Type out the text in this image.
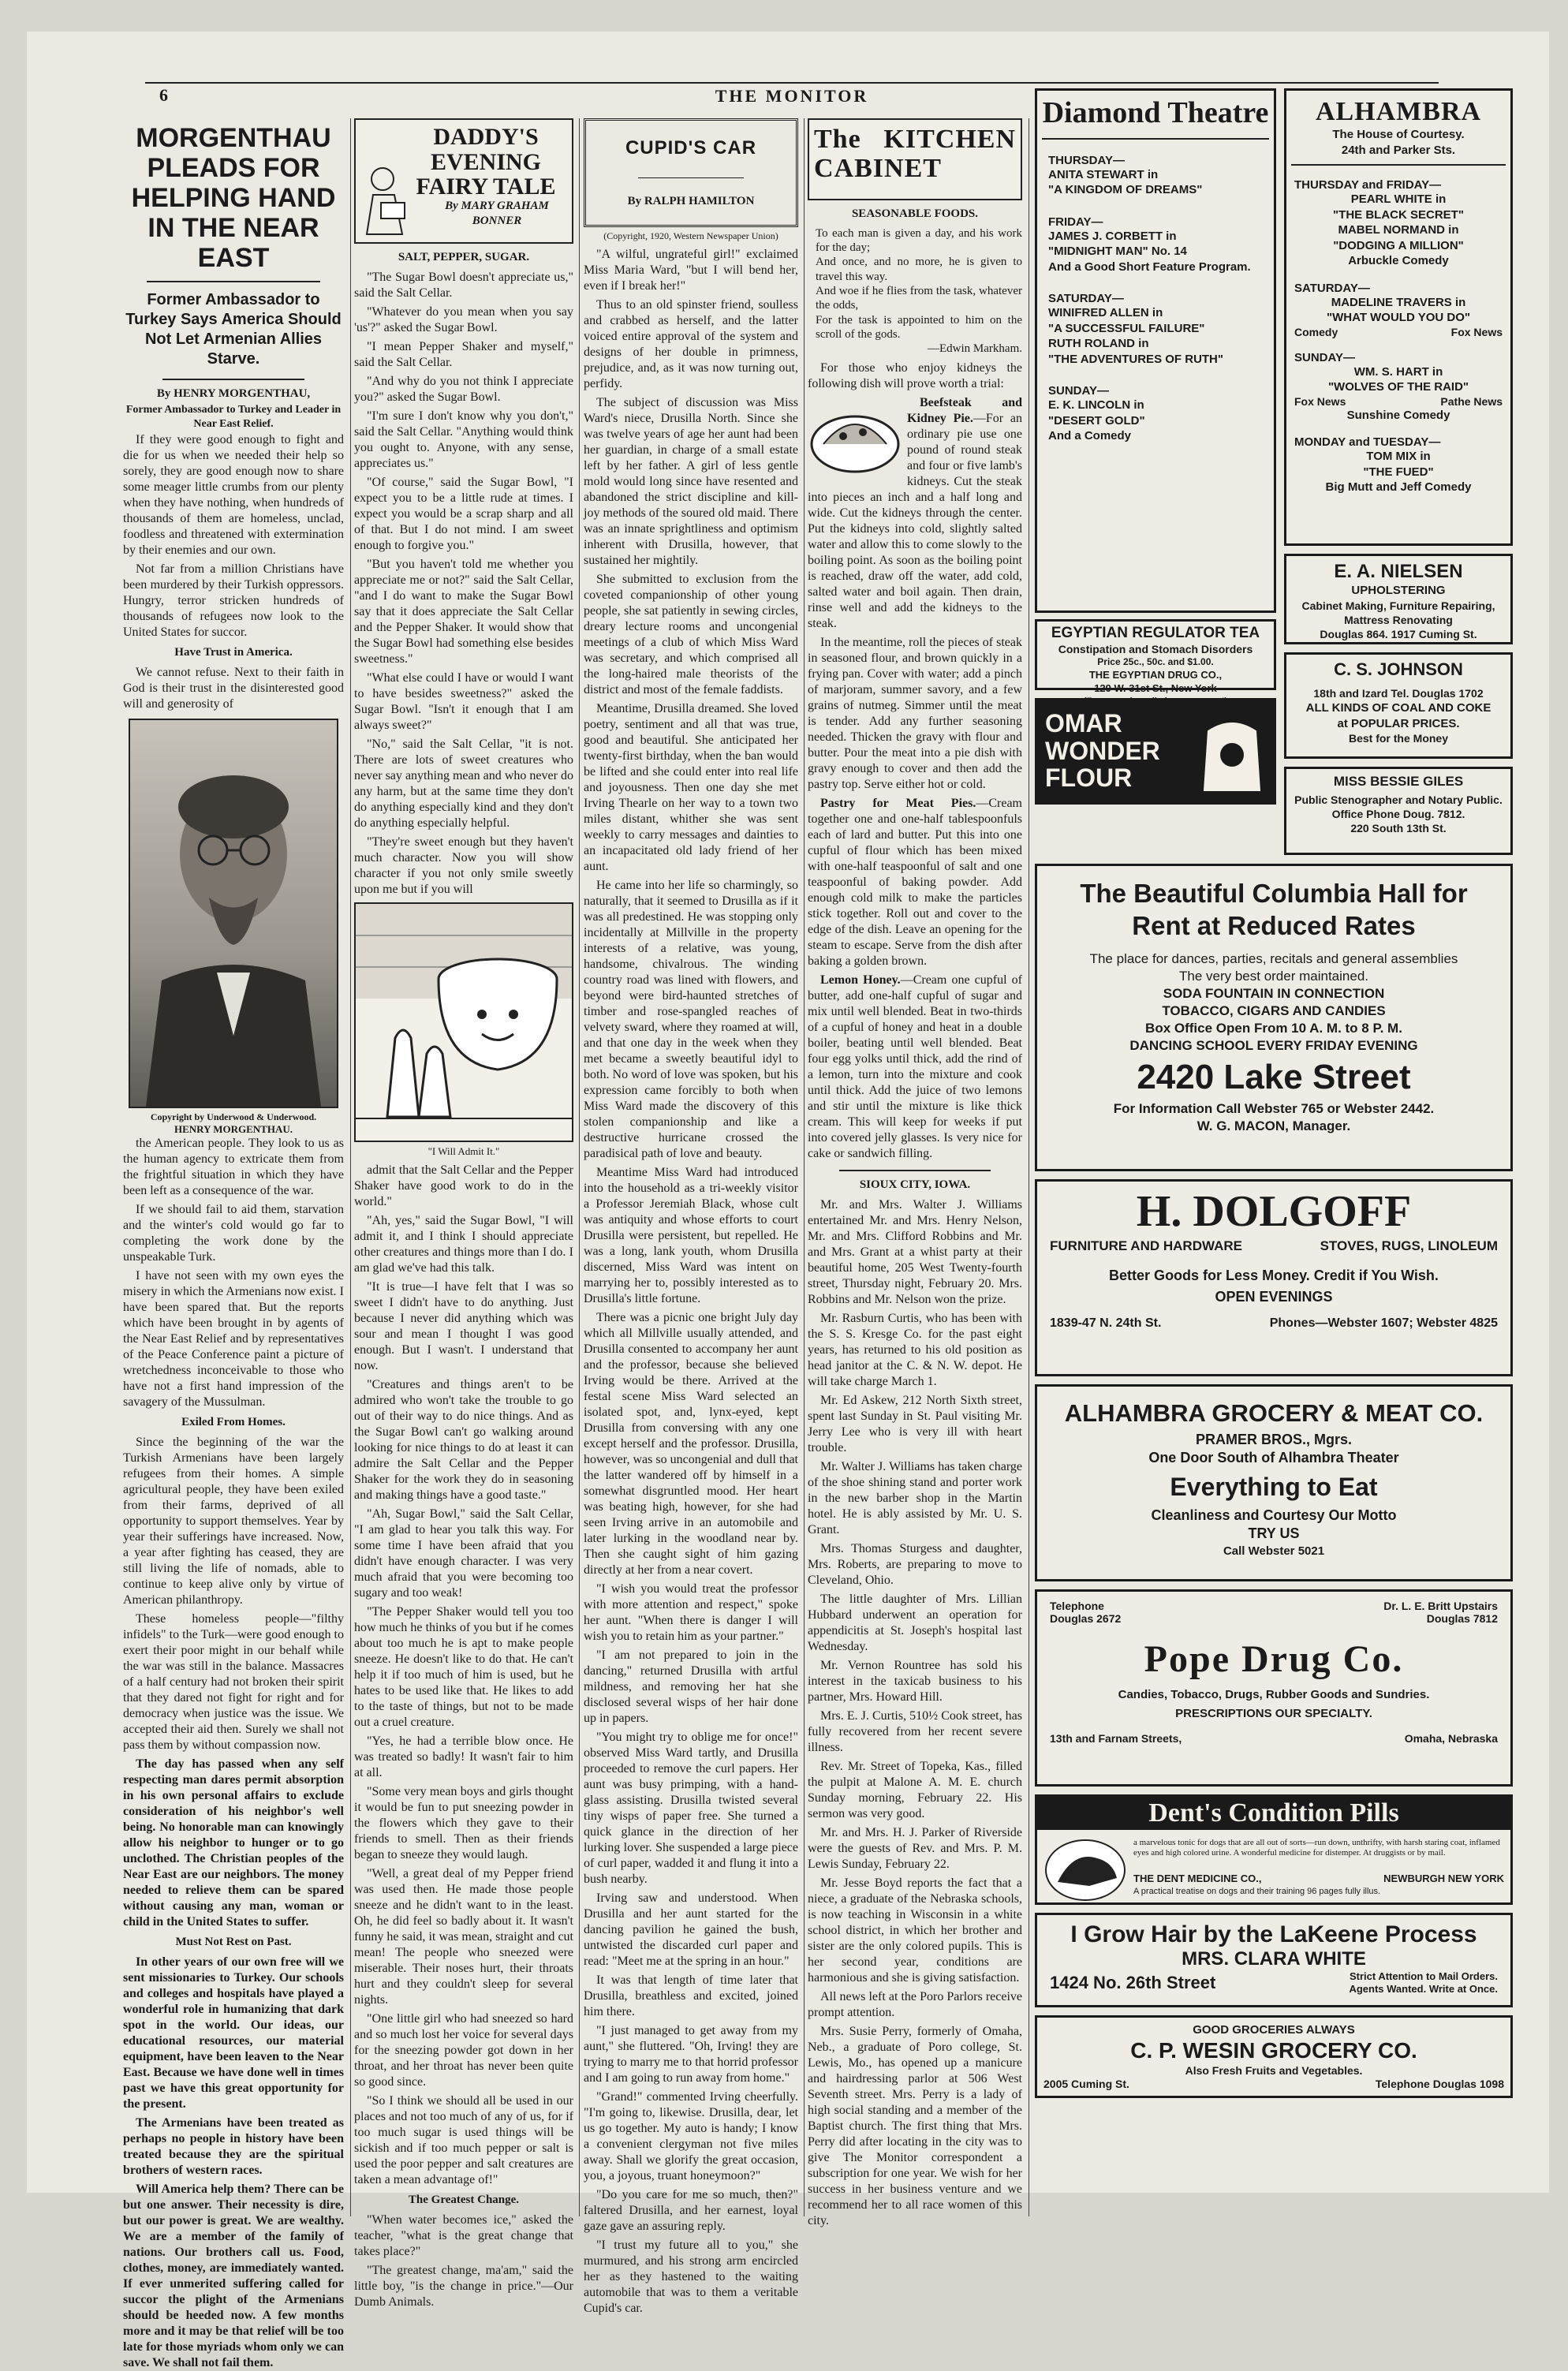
6	THE MONITOR
MORGENTHAU PLEADS FOR HELPING HAND IN THE NEAR EAST
Former Ambassador to Turkey Says America Should Not Let Armenian Allies Starve.
By HENRY MORGENTHAU,
Former Ambassador to Turkey and Leader in Near East Relief.

If they were good enough to fight and die for us when we needed their help so sorely, they are good enough now to share some meager little crumbs from our plenty when they have nothing, when hundreds of thousands of them are homeless, unclad, foodless and threatened with extermination by their enemies and our own.

Not far from a million Christians have been murdered by their Turkish oppressors. Hungry, terror stricken hundreds of thousands of refugees now look to the United States for succor.

Have Trust in America.

We cannot refuse. Next to their faith in God is their trust in the disinterested good will and generosity of

Copyright by Underwood & Underwood.
HENRY MORGENTHAU.

the American people. They look to us as the human agency to extricate them from the frightful situation in which they have been left as a consequence of the war.

If we should fail to aid them, starvation and the winter's cold would go far to completing the work done by the unspeakable Turk.

I have not seen with my own eyes the misery in which the Armenians now exist. I have been spared that. But the reports which have been brought in by agents of the Near East Relief and by representatives of the Peace Conference paint a picture of wretchedness inconceivable to those who have not a first hand impression of the savagery of the Mussulman.

Exiled From Homes.

Since the beginning of the war the Turkish Armenians have been largely refugees from their homes. A simple agricultural people, they have been exiled from their farms, deprived of all opportunity to support themselves. Year by year their sufferings have increased. Now, a year after fighting has ceased, they are still living the life of nomads, able to continue to keep alive only by virtue of American philanthropy.

These homeless people—"filthy infidels" to the Turk—were good enough to exert their poor might in our behalf while the war was still in the balance. Massacres of a half century had not broken their spirit that they dared not fight for right and for democracy when justice was the issue. We accepted their aid then. Surely we shall not pass them by without compassion now.

The day has passed when any self respecting man dares permit absorption in his own personal affairs to exclude consideration of his neighbor's well being. No honorable man can knowingly allow his neighbor to hunger or to go unclothed. The Christian peoples of the Near East are our neighbors. The money needed to relieve them can be spared without causing any man, woman or child in the United States to suffer.

Must Not Rest on Past.

In other years of our own free will we sent missionaries to Turkey. Our schools and colleges and hospitals have played a wonderful role in humanizing that dark spot in the world. Our ideas, our educational resources, our material equipment, have been leaven to the Near East. Because we have done well in times past we have this great opportunity for the present.

The Armenians have been treated as perhaps no people in history have been treated because they are the spiritual brothers of western races.

Will America help them? There can be but one answer. Their necessity is dire, but our power is great. We are wealthy. We are a member of the family of nations. Our brothers call us. Food, clothes, money, are immediately wanted. If ever unmerited suffering called for succor the plight of the Armenians should be heeded now. A few months more and it may be that relief will be too late for those myriads whom only we can save. We shall not fail them.

DADDY'S EVENING FAIRY TALE
By MARY GRAHAM BONNER
SALT, PEPPER, SUGAR.

"The Sugar Bowl doesn't appreciate us," said the Salt Cellar.

"Whatever do you mean when you say 'us'?" asked the Sugar Bowl.

"I mean Pepper Shaker and myself," said the Salt Cellar.

"And why do you not think I appreciate you?" asked the Sugar Bowl.

"I'm sure I don't know why you don't," said the Salt Cellar. "Anything would think you ought to. Anyone, with any sense, appreciates us."

"Of course," said the Sugar Bowl, "I expect you to be a little rude at times. I expect you would be a scrap sharp and all of that. But I do not mind. I am sweet enough to forgive you."

"But you haven't told me whether you appreciate me or not?" said the Salt Cellar, "and I do want to make the Sugar Bowl say that it does appreciate the Salt Cellar and the Pepper Shaker. It would show that the Sugar Bowl had something else besides sweetness."

"What else could I have or would I want to have besides sweetness?" asked the Sugar Bowl. "Isn't it enough that I am always sweet?"

"No," said the Salt Cellar, "it is not. There are lots of sweet creatures who never say anything mean and who never do any harm, but at the same time they don't do anything especially kind and they don't do anything especially helpful.

"They're sweet enough but they haven't much character. Now you will show character if you not only smile sweetly upon me but if you will

"I Will Admit It."

admit that the Salt Cellar and the Pepper Shaker have good work to do in the world."

"Ah, yes," said the Sugar Bowl, "I will admit it, and I think I should appreciate other creatures and things more than I do. I am glad we've had this talk.

"It is true—I have felt that I was so sweet I didn't have to do anything. Just because I never did anything which was sour and mean I thought I was good enough. But I wasn't. I understand that now.

"Creatures and things aren't to be admired who won't take the trouble to go out of their way to do nice things. And as the Sugar Bowl can't go walking around looking for nice things to do at least it can admire the Salt Cellar and the Pepper Shaker for the work they do in seasoning and making things have a good taste."

"Ah, Sugar Bowl," said the Salt Cellar, "I am glad to hear you talk this way. For some time I have been afraid that you didn't have enough character. I was very much afraid that you were becoming too sugary and too weak!

"The Pepper Shaker would tell you too how much he thinks of you but if he comes about too much he is apt to make people sneeze. He doesn't like to do that. He can't help it if too much of him is used, but he hates to be used like that. He likes to add to the taste of things, but not to be made out a cruel creature.

"Yes, he had a terrible blow once. He was treated so badly! It wasn't fair to him at all.

"Some very mean boys and girls thought it would be fun to put sneezing powder in the flowers which they gave to their friends to smell. Then as their friends began to sneeze they would laugh.

"Well, a great deal of my Pepper friend was used then. He made those people sneeze and he didn't want to in the least. Oh, he did feel so badly about it. It wasn't funny he said, it was mean, straight and cut mean! The people who sneezed were miserable. Their noses hurt, their throats hurt and they couldn't sleep for several nights.

"One little girl who had sneezed so hard and so much lost her voice for several days for the sneezing powder got down in her throat, and her throat has never been quite so good since.

"So I think we should all be used in our places and not too much of any of us, for if too much sugar is used things will be sickish and if too much pepper or salt is used the poor pepper and salt creatures are taken a mean advantage of!"

The Greatest Change.

"When water becomes ice," asked the teacher, "what is the great change that takes place?"

"The greatest change, ma'am," said the little boy, "is the change in price."—Our Dumb Animals.

CUPID'S CAR
By RALPH HAMILTON
(Copyright, 1920, Western Newspaper Union)

"A wilful, ungrateful girl!" exclaimed Miss Maria Ward, "but I will bend her, even if I break her!"

Thus to an old spinster friend, soulless and crabbed as herself, and the latter voiced entire approval of the system and designs of her double in primness, prejudice, and, as it was now turning out, perfidy.

The subject of discussion was Miss Ward's niece, Drusilla North. Since she was twelve years of age her aunt had been her guardian, in charge of a small estate left by her father. A girl of less gentle mold would long since have resented and abandoned the strict discipline and kill-joy methods of the soured old maid. There was an innate sprightliness and optimism inherent with Drusilla, however, that sustained her mightily.

She submitted to exclusion from the coveted companionship of other young people, she sat patiently in sewing circles, dreary lecture rooms and uncongenial meetings of a club of which Miss Ward was secretary, and which comprised all the long-haired male theorists of the district and most of the female faddists.

Meantime, Drusilla dreamed. She loved poetry, sentiment and all that was true, good and beautiful. She anticipated her twenty-first birthday, when the ban would be lifted and she could enter into real life and joyousness. Then one day she met Irving Thearle on her way to a town two miles distant, whither she was sent weekly to carry messages and dainties to an incapacitated old lady friend of her aunt.

He came into her life so charmingly, so naturally, that it seemed to Drusilla as if it was all predestined. He was stopping only incidentally at Millville in the property interests of a relative, was young, handsome, chivalrous. The winding country road was lined with flowers, and beyond were bird-haunted stretches of timber and rose-spangled reaches of velvety sward, where they roamed at will, and that one day in the week when they met became a sweetly beautiful idyl to both. No word of love was spoken, but his expression came forcibly to both when Miss Ward made the discovery of this stolen companionship and like a destructive hurricane crossed the paradisical path of love and beauty.

Meantime Miss Ward had introduced into the household as a tri-weekly visitor a Professor Jeremiah Black, whose cult was antiquity and whose efforts to court Drusilla were persistent, but repelled. He was a long, lank youth, whom Drusilla discerned, Miss Ward was intent on marrying her to, possibly interested as to Drusilla's little fortune.

There was a picnic one bright July day which all Millville usually attended, and Drusilla consented to accompany her aunt and the professor, because she believed Irving would be there. Arrived at the festal scene Miss Ward selected an isolated spot, and, lynx-eyed, kept Drusilla from conversing with any one except herself and the professor. Drusilla, however, was so uncongenial and dull that the latter wandered off by himself in a somewhat disgruntled mood. Her heart was beating high, however, for she had seen Irving arrive in an automobile and later lurking in the woodland near by. Then she caught sight of him gazing directly at her from a near covert.

"I wish you would treat the professor with more attention and respect," spoke her aunt. "When there is danger I will wish you to retain him as your partner."

"I am not prepared to join in the dancing," returned Drusilla with artful mildness, and removing her hat she disclosed several wisps of her hair done up in papers.

"You might try to oblige me for once!" observed Miss Ward tartly, and Drusilla proceeded to remove the curl papers. Her aunt was busy primping, with a hand-glass assisting. Drusilla twisted several tiny wisps of paper free. She turned a quick glance in the direction of her lurking lover. She suspended a large piece of curl paper, wadded it and flung it into a bush nearby.

Irving saw and understood. When Drusilla and her aunt started for the dancing pavilion he gained the bush, untwisted the discarded curl paper and read: "Meet me at the spring in an hour."

It was that length of time later that Drusilla, breathless and excited, joined him there.

"I just managed to get away from my aunt," she fluttered. "Oh, Irving! they are trying to marry me to that horrid professor and I am going to run away from home."

"Grand!" commented Irving cheerfully. "I'm going to, likewise. Drusilla, dear, let us go together. My auto is handy; I know a convenient clergyman not five miles away. Shall we glorify the great occasion, you, a joyous, truant honeymoon?"

"Do you care for me so much, then?" faltered Drusilla, and her earnest, loyal gaze gave an assuring reply.

"I trust my future all to you," she murmured, and his strong arm encircled her as they hastened to the waiting automobile that was to them a veritable Cupid's car.

The KITCHEN CABINET
SEASONABLE FOODS.
To each man is given a day, and his work for the day;
And once, and no more, he is given to travel this way.
And woe if he flies from the task, whatever the odds,
For the task is appointed to him on the scroll of the gods.
—Edwin Markham.

For those who enjoy kidneys the following dish will prove worth a trial:

Beefsteak and Kidney Pie.—For an ordinary pie use one pound of round steak and four or five lamb's kidneys. Cut the steak into pieces an inch and a half long and wide. Cut the kidneys through the center. Put the kidneys into cold, slightly salted water and allow this to come slowly to the boiling point. As soon as the boiling point is reached, draw off the water, add cold, salted water and boil again. Then drain, rinse well and add the kidneys to the steak.

In the meantime, roll the pieces of steak in seasoned flour, and brown quickly in a frying pan. Cover with water; add a pinch of marjoram, summer savory, and a few grains of nutmeg. Simmer until the meat is tender. Add any further seasoning needed. Thicken the gravy with flour and butter. Pour the meat into a pie dish with gravy enough to cover and then add the pastry top. Serve either hot or cold.

Pastry for Meat Pies.—Cream together one and one-half tablespoonfuls each of lard and butter. Put this into one cupful of flour which has been mixed with one-half teaspoonful of salt and one teaspoonful of baking powder. Add enough cold milk to make the particles stick together. Roll out and cover to the edge of the dish. Leave an opening for the steam to escape. Serve from the dish after baking a golden brown.

Lemon Honey.—Cream one cupful of butter, add one-half cupful of sugar and mix until well blended. Beat in two-thirds of a cupful of honey and heat in a double boiler, beating until well blended. Beat four egg yolks until thick, add the rind of a lemon, turn into the mixture and cook until thick. Add the juice of two lemons and stir until the mixture is like thick cream. This will keep for weeks if put into covered jelly glasses. Is very nice for cake or sandwich filling.

SIOUX CITY, IOWA.

Mr. and Mrs. Walter J. Williams entertained Mr. and Mrs. Henry Nelson, Mr. and Mrs. Clifford Robbins and Mr. and Mrs. Grant at a whist party at their beautiful home, 205 West Twenty-fourth street, Thursday night, February 20. Mrs. Robbins and Mr. Nelson won the prize.

Mr. Rasburn Curtis, who has been with the S. S. Kresge Co. for the past eight years, has returned to his old position as head janitor at the C. & N. W. depot. He will take charge March 1.

Mr. Ed Askew, 212 North Sixth street, spent last Sunday in St. Paul visiting Mr. Jerry Lee who is very ill with heart trouble.

Mr. Walter J. Williams has taken charge of the shoe shining stand and porter work in the new barber shop in the Martin hotel. He is ably assisted by Mr. U. S. Grant.

Mrs. Thomas Sturgess and daughter, Mrs. Roberts, are preparing to move to Cleveland, Ohio.

The little daughter of Mrs. Lillian Hubbard underwent an operation for appendicitis at St. Joseph's hospital last Wednesday.

Mr. Vernon Rountree has sold his interest in the taxicab business to his partner, Mrs. Howard Hill.

Mrs. E. J. Curtis, 510½ Cook street, has fully recovered from her recent severe illness.

Rev. Mr. Street of Topeka, Kas., filled the pulpit at Malone A. M. E. church Sunday morning, February 22. His sermon was very good.

Mr. and Mrs. H. J. Parker of Riverside were the guests of Rev. and Mrs. P. M. Lewis Sunday, February 22.

Mr. Jesse Boyd reports the fact that a niece, a graduate of the Nebraska schools, is now teaching in Wisconsin in a white school district, in which her brother and sister are the only colored pupils. This is her second year, conditions are harmonious and she is giving satisfaction.

All news left at the Poro Parlors receive prompt attention.

Mrs. Susie Perry, formerly of Omaha, Neb., a graduate of Poro college, St. Lewis, Mo., has opened up a manicure and hairdressing parlor at 506 West Seventh street. Mrs. Perry is a lady of high social standing and a member of the Baptist church. The first thing that Mrs. Perry did after locating in the city was to give The Monitor correspondent a subscription for one year. We wish for her success in her business venture and we recommend her to all race women of this city.

Diamond Theatre
THURSDAY—
ANITA STEWART in
"A KINGDOM OF DREAMS"
FRIDAY—
JAMES J. CORBETT in
"MIDNIGHT MAN" No. 14
And a Good Short Feature Program.
SATURDAY—
WINIFRED ALLEN in
"A SUCCESSFUL FAILURE"
RUTH ROLAND in
"THE ADVENTURES OF RUTH"
SUNDAY—
E. K. LINCOLN in
"DESERT GOLD"
And a Comedy
ALHAMBRA
The House of Courtesy.
24th and Parker Sts.
THURSDAY and FRIDAY—
PEARL WHITE in
"THE BLACK SECRET"
MABEL NORMAND in
"DODGING A MILLION"
Arbuckle Comedy
SATURDAY—
MADELINE TRAVERS in
"WHAT WOULD YOU DO"
Comedy	Fox News
SUNDAY—
WM. S. HART in
"WOLVES OF THE RAID"
Fox News	Pathe News
Sunshine Comedy
MONDAY and TUESDAY—
TOM MIX in
"THE FUED"
Big Mutt and Jeff Comedy
E. A. NIELSEN
UPHOLSTERING
Cabinet Making, Furniture Repairing, Mattress Renovating
Douglas 864. 1917 Cuming St.
EGYPTIAN REGULATOR TEA
Constipation and Stomach Disorders
Price 25c., 50c. and $1.00.
THE EGYPTIAN DRUG CO.,
129 W. 31st St., New York
C. S. JOHNSON
18th and Izard Tel. Douglas 1702
ALL KINDS OF COAL AND COKE
at POPULAR PRICES.
Best for the Money
OMAR
WONDER
FLOUR	MISS BESSIE GILES
Public Stenographer and Notary Public.
Office Phone Doug. 7812.
220 South 13th St.
The Beautiful Columbia Hall for Rent at Reduced Rates
The place for dances, parties, recitals and general assemblies
The very best order maintained.
SODA FOUNTAIN IN CONNECTION
TOBACCO, CIGARS AND CANDIES
Box Office Open From 10 A. M. to 8 P. M.
DANCING SCHOOL EVERY FRIDAY EVENING
2420 Lake Street
For Information Call Webster 765 or Webster 2442.
W. G. MACON, Manager.
H. DOLGOFF
FURNITURE AND HARDWARE	STOVES, RUGS, LINOLEUM
Better Goods for Less Money. Credit if You Wish.
OPEN EVENINGS
1839-47 N. 24th St.	Phones—Webster 1607; Webster 4825
ALHAMBRA GROCERY & MEAT CO.
PRAMER BROS., Mgrs.
One Door South of Alhambra Theater
Everything to Eat
Cleanliness and Courtesy Our Motto
TRY US
Call Webster 5021
Telephone	Dr. L. E. Britt Upstairs
Douglas 2672	Douglas 7812
Pope Drug Co.
Candies, Tobacco, Drugs, Rubber Goods and Sundries.
PRESCRIPTIONS OUR SPECIALTY.
13th and Farnam Streets,	Omaha, Nebraska
Dent's Condition Pills
a marvelous tonic for dogs that are all out of sorts—run down, unthrifty, with harsh staring coat, inflamed eyes and high colored urine. A wonderful medicine for distemper. At druggists or by mail.
THE DENT MEDICINE CO.,	NEWBURGH NEW YORK
A practical treatise on dogs and their training 96 pages fully illus.
I Grow Hair by the LaKeene Process
MRS. CLARA WHITE
1424 No. 26th Street	Strict Attention to Mail Orders.
Agents Wanted. Write at Once.
GOOD GROCERIES ALWAYS
C. P. WESIN GROCERY CO.
Also Fresh Fruits and Vegetables.
2005 Cuming St.	Telephone Douglas 1098
